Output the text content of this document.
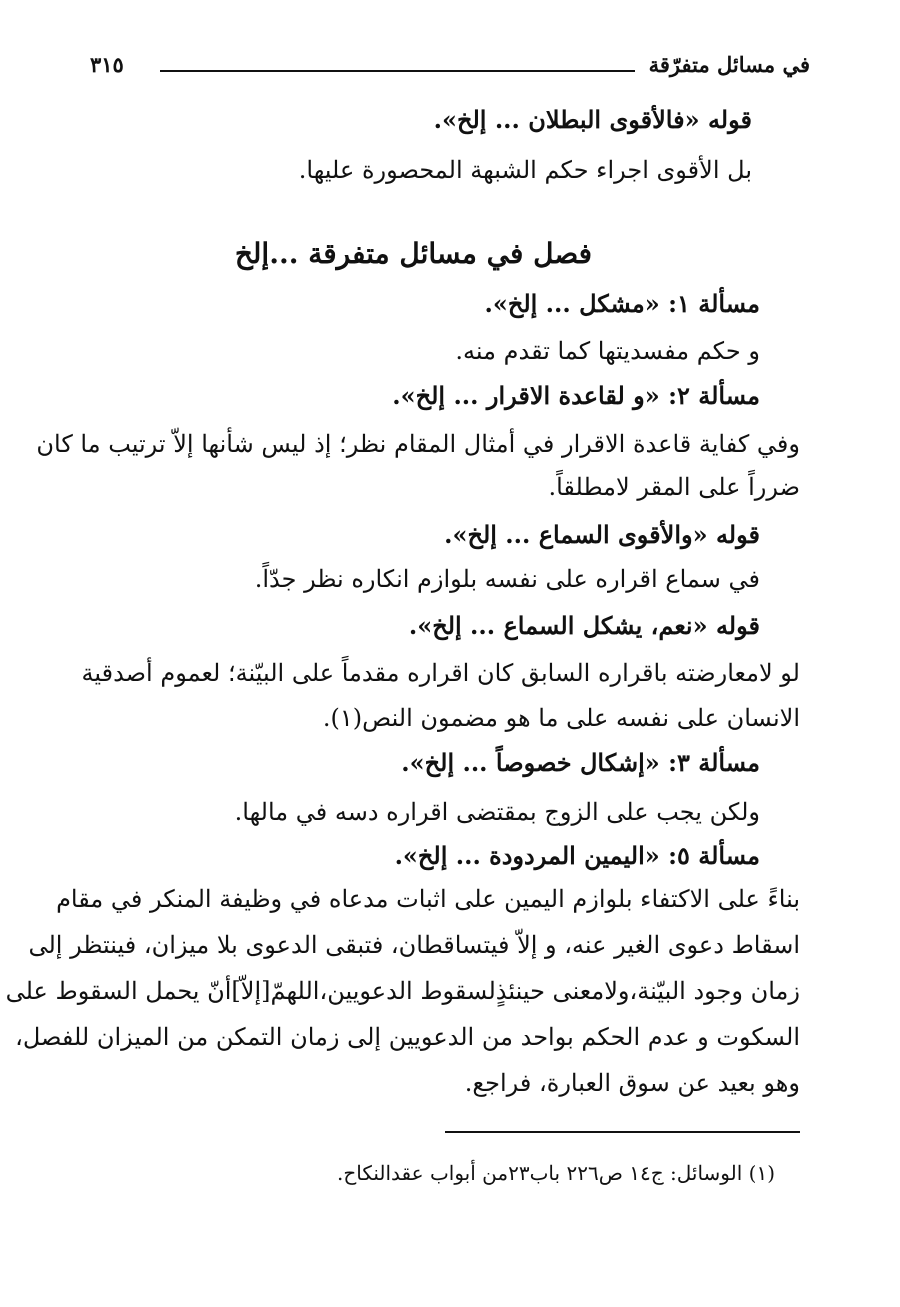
في مسائل متفرّقة
٣١٥
قوله «فالأقوى البطلان ... إلخ».
بل الأقوى اجراء حكم الشبهة المحصورة عليها.
فصل في مسائل متفرقة ...إلخ
مسألة ١: «مشكل ... إلخ».
و حكم مفسديتها كما تقدم منه.
مسألة ٢: «و لقاعدة الاقرار ... إلخ».
وفي كفاية قاعدة الاقرار في أمثال المقام نظر؛ إذ ليس شأنها إلاّ ترتيب ما كان
ضرراً على المقر لامطلقاً.
قوله «والأقوى السماع ... إلخ».
في سماع اقراره على نفسه بلوازم انكاره نظر جدّاً.
قوله «نعم، يشكل السماع ... إلخ».
لو لامعارضته باقراره السابق كان اقراره مقدماً على البيّنة؛ لعموم أصدقية
الانسان على نفسه على ما هو مضمون النص(١).
مسألة ٣: «إشكال خصوصاً ... إلخ».
ولكن يجب على الزوج بمقتضى اقراره دسه في مالها.
مسألة ٥: «اليمين المردودة ... إلخ».
بناءً على الاكتفاء بلوازم اليمين على اثبات مدعاه في وظيفة المنكر في مقام
اسقاط دعوى الغير عنه، و إلاّ فيتساقطان، فتبقى الدعوى بلا ميزان، فينتظر إلى
زمان وجود البيّنة،ولامعنى حينئذٍلسقوط الدعويين،اللهمّ[إلاّ]أنّ يحمل السقوط على
السكوت و عدم الحكم بواحد من الدعويين إلى زمان التمكن من الميزان للفصل،
وهو بعيد عن سوق العبارة، فراجع.
(١) الوسائل: ج١٤ ص٢٢٦ باب٢٣من أبواب عقدالنكاح.
